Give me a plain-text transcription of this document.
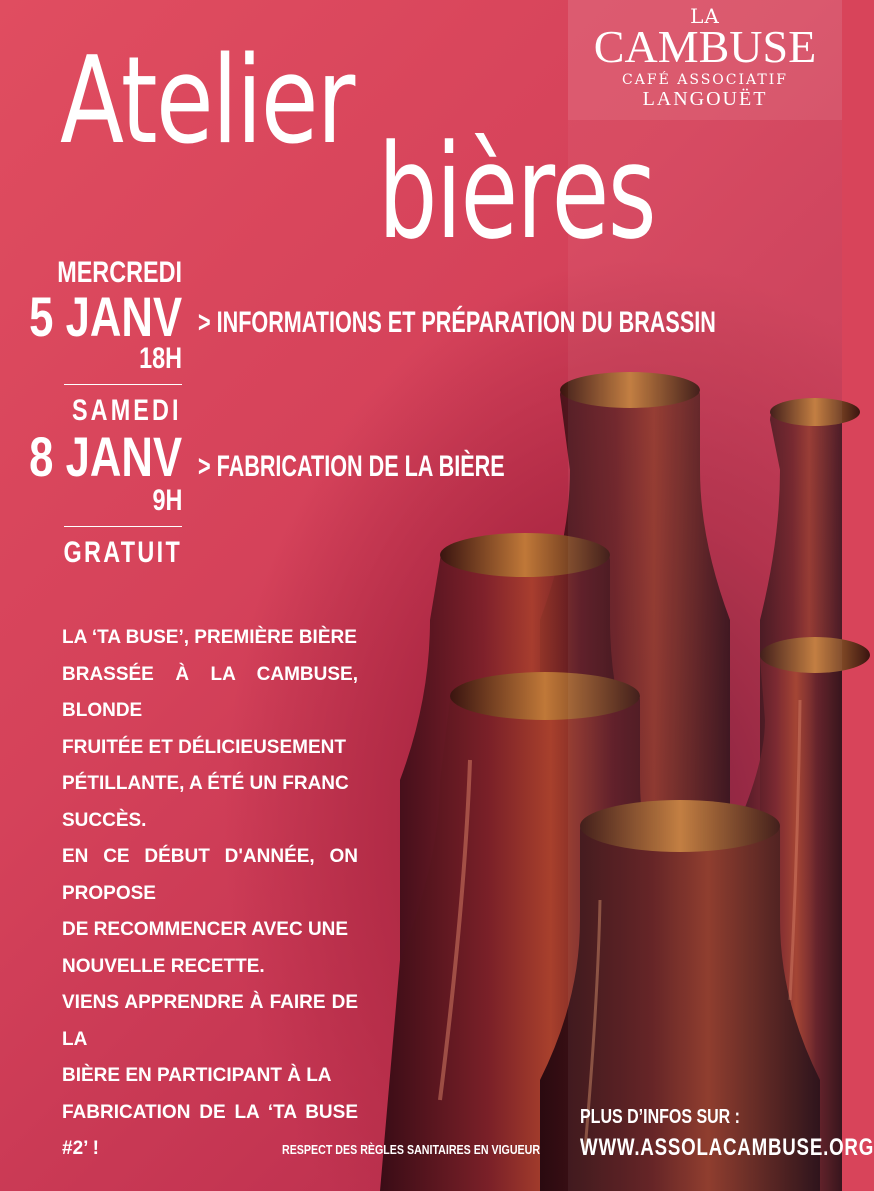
LA
CAMBUSE
CAFÉ ASSOCIATIF
LANGOUËT
Atelier
bières
MERCREDI
5 JANV
18H
> INFORMATIONS ET PRÉPARATION DU BRASSIN
SAMEDI
8 JANV
9H
> FABRICATION DE LA BIÈRE
GRATUIT

LA ‘TA BUSE’, PREMIÈRE BIÈRE

BRASSÉE À LA CAMBUSE, BLONDE

FRUITÉE ET DÉLICIEUSEMENT

PÉTILLANTE, A ÉTÉ UN FRANC

SUCCÈS.

EN CE DÉBUT D'ANNÉE, ON PROPOSE

DE RECOMMENCER AVEC UNE

NOUVELLE RECETTE.

VIENS APPRENDRE À FAIRE DE LA

BIÈRE EN PARTICIPANT À LA

FABRICATION DE LA ‘TA BUSE #2’ !	RESPECT DES RÈGLES SANITAIRES EN VIGUEUR
PLUS D’INFOS SUR :
WWW.ASSOLACAMBUSE.ORG
